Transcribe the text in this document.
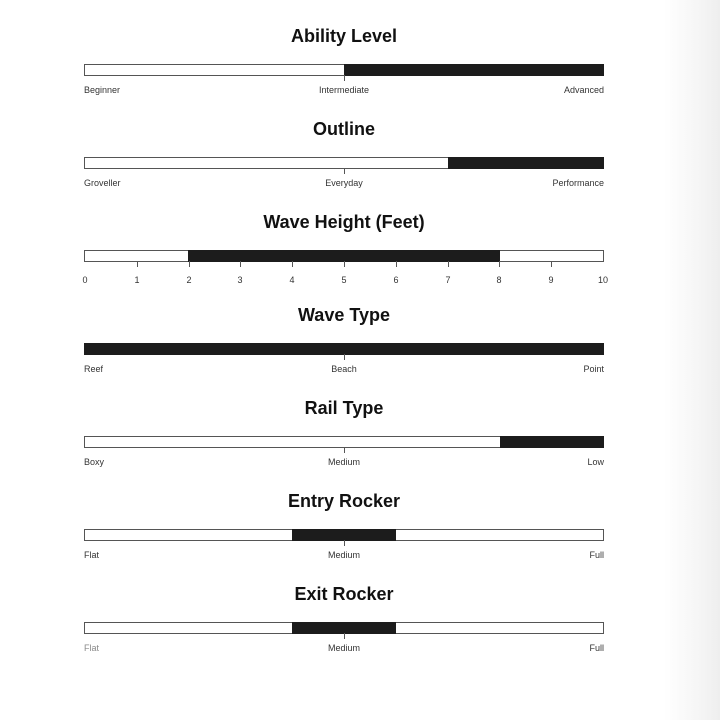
Ability Level
Beginner	Intermediate	Advanced
Outline
Groveller	Everyday	Performance
Wave Height (Feet)
0	1	2	3	4	5	6	7	8	9	10
Wave Type
Reef	Beach	Point
Rail Type
Boxy	Medium	Low
Entry Rocker
Flat	Medium	Full
Exit Rocker
Flat	Medium	Full
